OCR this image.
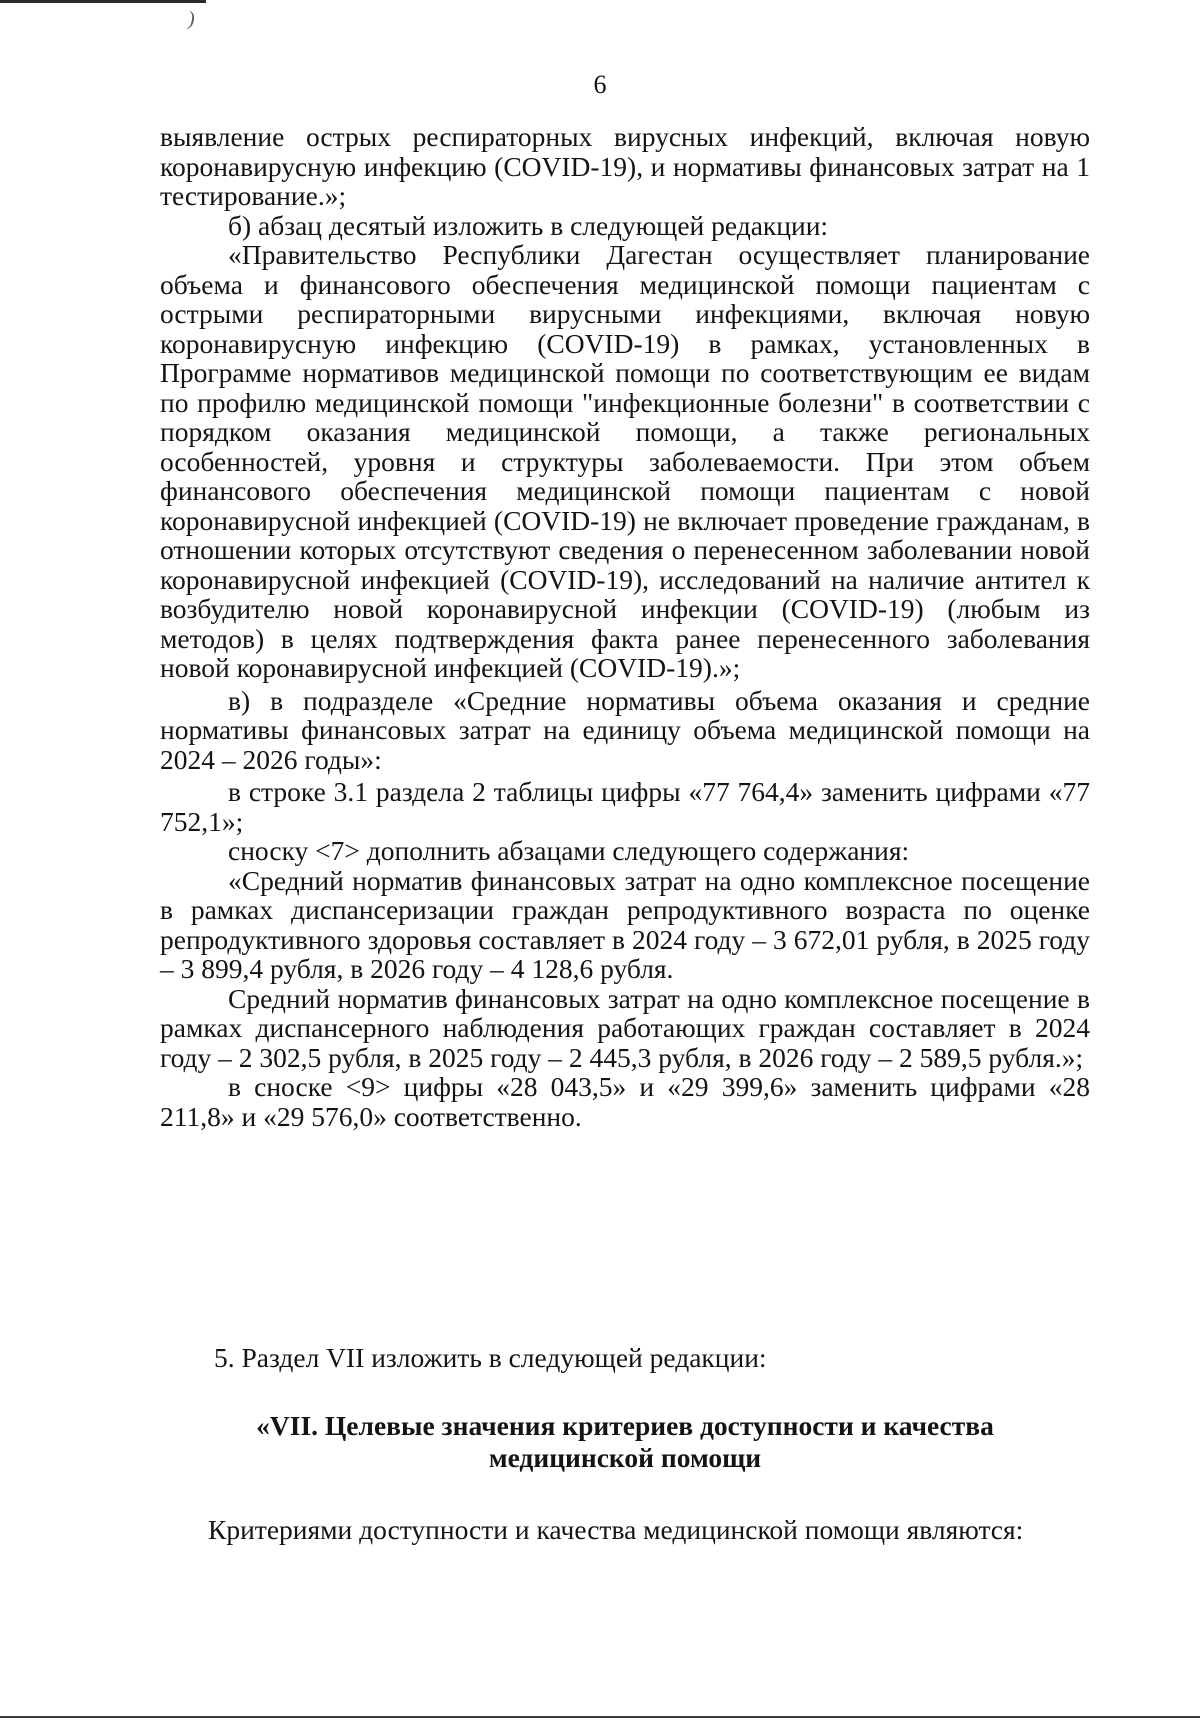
)
6

выявление острых респираторных вирусных инфекций, включая новую коронавирусную инфекцию (COVID-19), и нормативы финансовых затрат на 1 тестирование.»;

б) абзац десятый изложить в следующей редакции:

«Правительство Республики Дагестан осуществляет планирование объема и финансового обеспечения медицинской помощи пациентам с острыми респираторными вирусными инфекциями, включая новую коронавирусную инфекцию (COVID-19) в рамках, установленных в Программе нормативов медицинской помощи по соответствующим ее видам по профилю медицинской помощи "инфекционные болезни" в соответствии с порядком оказания медицинской помощи, а также региональных особенностей, уровня и структуры заболеваемости. При этом объем финансового обеспечения медицинской помощи пациентам с новой коронавирусной инфекцией (COVID-19) не включает проведение гражданам, в отношении которых отсутствуют сведения о перенесенном заболевании новой коронавирусной инфекцией (COVID-19), исследований на наличие антител к возбудителю новой коронавирусной инфекции (COVID-19) (любым из методов) в целях подтверждения факта ранее перенесенного заболевания новой коронавирусной инфекцией (COVID-19).»;

в) в подразделе «Средние нормативы объема оказания и средние нормативы финансовых затрат на единицу объема медицинской помощи на 2024 – 2026 годы»:

в строке 3.1 раздела 2 таблицы цифры «77 764,4» заменить цифрами «77 752,1»;

сноску <7> дополнить абзацами следующего содержания:

«Средний норматив финансовых затрат на одно комплексное посещение в рамках диспансеризации граждан репродуктивного возраста по оценке репродуктивного здоровья составляет в 2024 году – 3 672,01 рубля, в 2025 году – 3 899,4 рубля, в 2026 году – 4 128,6 рубля.

Средний норматив финансовых затрат на одно комплексное посещение в рамках диспансерного наблюдения работающих граждан составляет в 2024 году – 2 302,5 рубля, в 2025 году – 2 445,3 рубля, в 2026 году – 2 589,5 рубля.»;

в сноске <9> цифры «28 043,5» и «29 399,6» заменить цифрами «28 211,8» и «29 576,0» соответственно.

5. Раздел VII изложить в следующей редакции:
«VII. Целевые значения критериев доступности и качества
медицинской помощи
Критериями доступности и качества медицинской помощи являются:
